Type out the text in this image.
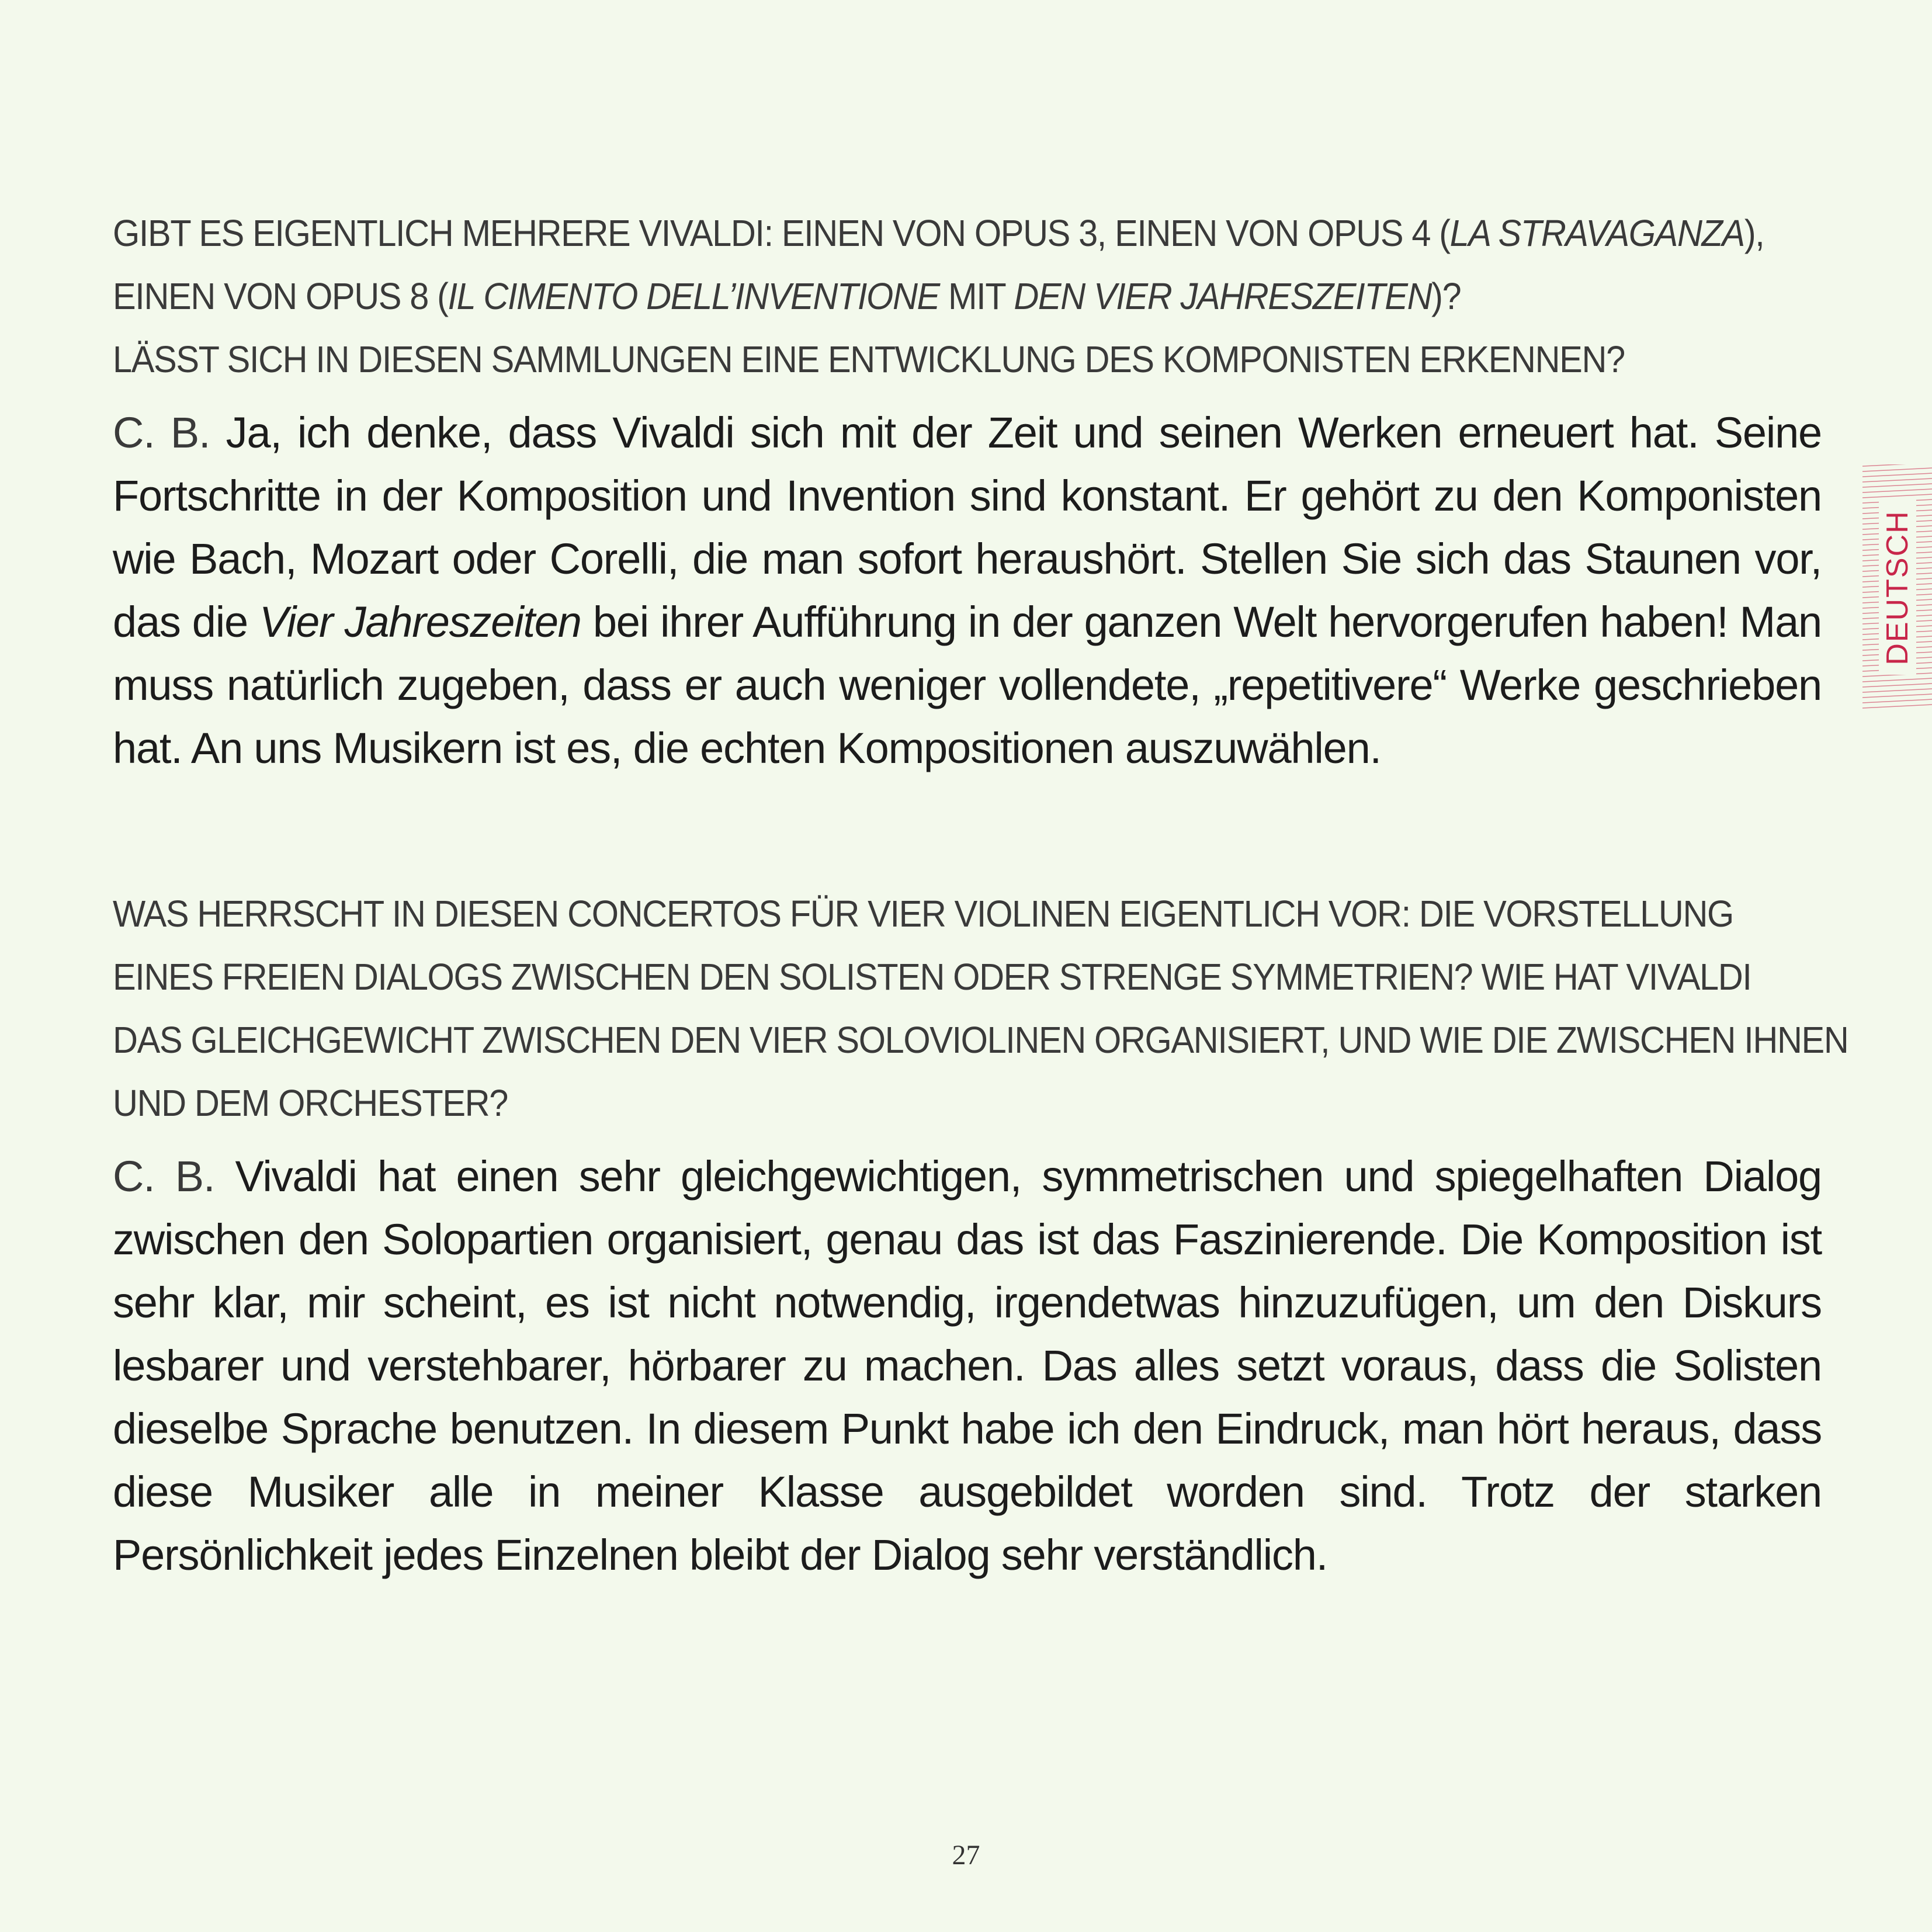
GIBT ES EIGENTLICH MEHRERE VIVALDI: EINEN VON OPUS 3, EINEN VON OPUS 4 (LA STRAVAGANZA),
EINEN VON OPUS 8 (IL CIMENTO DELL’INVENTIONE MIT DEN VIER JAHRESZEITEN)?
LÄSST SICH IN DIESEN SAMMLUNGEN EINE ENTWICKLUNG DES KOMPONISTEN ERKENNEN?
C. B. Ja, ich denke, dass Vivaldi sich mit der Zeit und seinen Werken erneuert hat. Seine Fortschritte in der Komposition und Invention sind konstant. Er gehört zu den Komponisten wie Bach, Mozart oder Corelli, die man sofort heraushört. Stellen Sie sich das Staunen vor, das die Vier Jahreszeiten bei ihrer Aufführung in der ganzen Welt hervorgerufen haben! Man muss natürlich zugeben, dass er auch weniger vollendete, „repetitivere“ Werke geschrieben hat. An uns Musikern ist es, die echten Kompositionen auszuwählen.
WAS HERRSCHT IN DIESEN CONCERTOS FÜR VIER VIOLINEN EIGENTLICH VOR: DIE VORSTELLUNG
EINES FREIEN DIALOGS ZWISCHEN DEN SOLISTEN ODER STRENGE SYMMETRIEN? WIE HAT VIVALDI
DAS GLEICHGEWICHT ZWISCHEN DEN VIER SOLOVIOLINEN ORGANISIERT, UND WIE DIE ZWISCHEN IHNEN
UND DEM ORCHESTER?
C. B. Vivaldi hat einen sehr gleichgewichtigen, symmetrischen und spiegelhaften Dialog zwischen den Solopartien organisiert, genau das ist das Faszinierende. Die Komposition ist sehr klar, mir scheint, es ist nicht notwendig, irgendetwas hinzuzufügen, um den Diskurs lesbarer und verstehbarer, hörbarer zu machen. Das alles setzt voraus, dass die Solisten dieselbe Sprache benutzen. In diesem Punkt habe ich den Eindruck, man hört heraus, dass diese Musiker alle in meiner Klasse ausgebildet worden sind. Trotz der starken Persönlichkeit jedes Einzelnen bleibt der Dialog sehr verständlich.
DEUTSCH
27
